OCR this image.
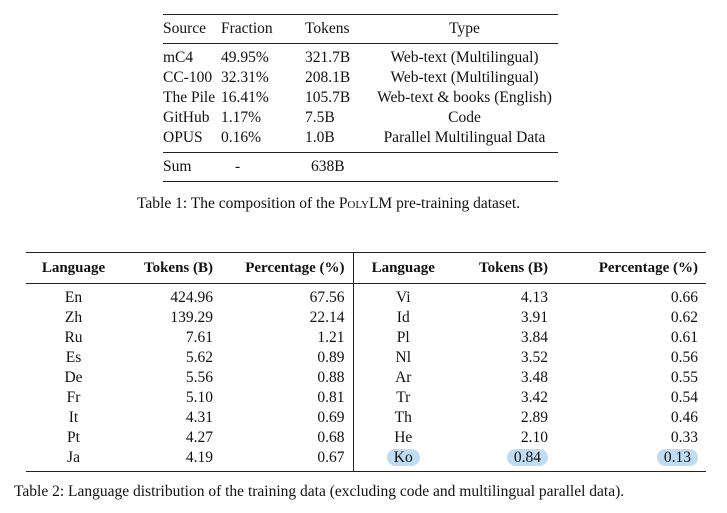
Source	Fraction	Tokens	Type
mC4	49.95%	321.7B	Web-text (Multilingual)
CC-100	32.31%	208.1B	Web-text (Multilingual)
The Pile	16.41%	105.7B	Web-text & books (English)
GitHub	1.17%	7.5B	Code
OPUS	0.16%	1.0B	Parallel Multilingual Data
Sum	-	638B	
Table 1: The composition of the PolyLM pre-training dataset.
Language	Tokens (B)	Percentage (%)	Language	Tokens (B)	Percentage (%)
En	424.96	67.56	Vi	4.13	0.66
Zh	139.29	22.14	Id	3.91	0.62
Ru	7.61	1.21	Pl	3.84	0.61
Es	5.62	0.89	Nl	3.52	0.56
De	5.56	0.88	Ar	3.48	0.55
Fr	5.10	0.81	Tr	3.42	0.54
It	4.31	0.69	Th	2.89	0.46
Pt	4.27	0.68	He	2.10	0.33
Ja	4.19	0.67	Ko	0.84	0.13
Table 2: Language distribution of the training data (excluding code and multilingual parallel data).
